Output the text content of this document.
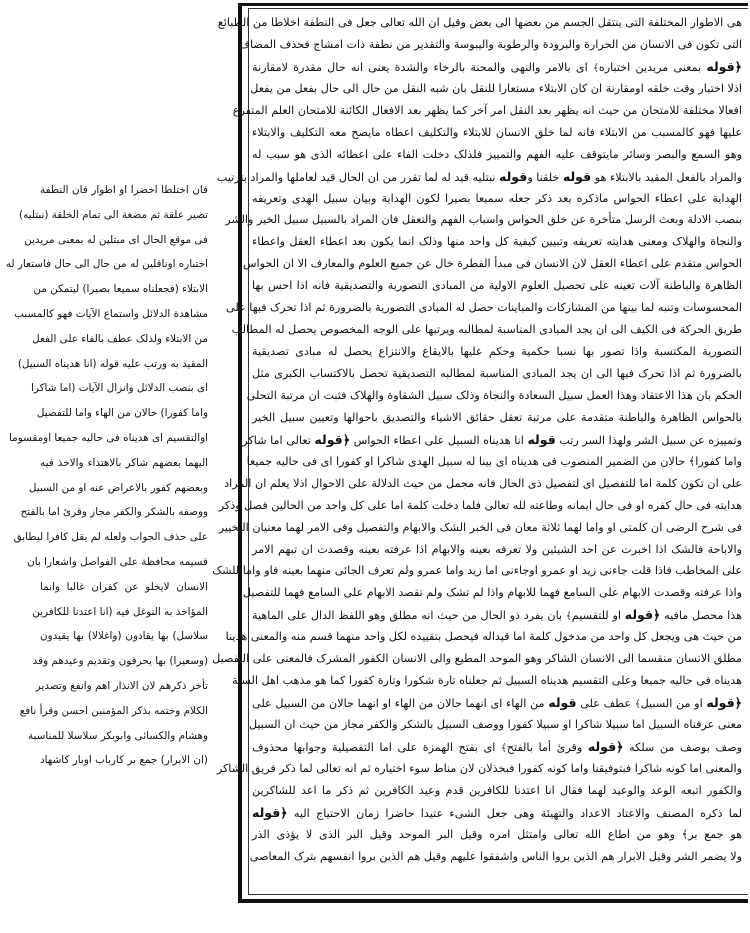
فان اختلطا اخضرا او اطوار فان النطفة
تصیر علقة ثم مضغة الی تمام الخلقة (نبتلیه)
فی موقع الحال ای مبتلین له بمعنی مریدین
اختباره اوناقلین له من حال الی حال فاستعار له
الابتلاء (فجعلناه سمیعا بصیرا) لیتمکن من
مشاهدة الدلائل واستماع الآیات فهو کالمسبب
من الابتلاء ولذلک عطف بالفاء علی الفعل
المقید به ورتب علیه قوله (انا هدیناه السبیل)
ای بنصب الدلائل وانزال الآیات (اما شاکرا
واما کفورا) حالان من الهاء واما للتفصیل
اوالتقسیم ای هدیناه فی حالیه جمیعا اومقسوما
الیهما بعضهم شاکر بالاهتداء والاخذ فیه
وبعضهم کفور بالاعراض عنه او من السبیل
ووصفه بالشکر والکفر مجاز وقرئ اما بالفتح
علی حذف الجواب ولعله لم یقل کافرا لیطابق
قسیمه محافظة علی الفواصل واشعارا بان
الانسان لایخلو عن کفران غالبا وانما
المؤاخذ به التوغل فیه (انا اعتدنا للکافرین
سلاسل) بها یقادون (واغلالا) بها یقیدون
(وسعیرا) بها یحرقون وتقدیم وعیدهم وقد
تأخر ذکرهم لان الانذار اهم وانفع وتصدیر
الکلام وختمه بذکر المؤمنین احسن وقرأ نافع
وهشام والکسائی وابوبکر سلاسلا للمناسبة
(ان الابرار) جمع بر کارباب اوبار کاشهاد
هی الاطوار المختلفة التی ینتقل الجسم من بعضها الی بعض وقیل ان الله تعالی جعل فی النطفة اخلاطا من الطبائع
التی تکون فی الانسان من الحرارة والبرودة والرطوبة والیبوسة والتقدیر من نطفة ذات امشاج فحذف المضاف
﴿قوله بمعنی مریدین اختباره﴾ ای بالامر والنهی والمحنة بالرخاء والشدة یعنی انه حال مقدرة لامقارنة
اذلا اختبار وقت خلقه اومقارنة ان کان الابتلاء مستعارا للنقل بان شبه النقل من حال الی حال بفعل من یفعل
افعالا مختلفة للامتحان من حیث انه یظهر بعد النقل امر آخر کما یظهر بعد الافعال الکائنة للامتحان العلم المتفرع
علیها فهو کالمسبب من الابتلاء فانه لما خلق الانسان للابتلاء والتکلیف اعطاه مایصح معه التکلیف والابتلاء
وهو السمع والبصر وسائر مایتوقف علیه الفهم والتمییز فلذلک دخلت الفاء علی اعطائه الذی هو سبب له
والمراد بالفعل المقید بالابتلاء هو قوله خلقنا وقوله نبتلیه قید له لما تقرر من ان الحال قید لعاملها والمراد بترتیب
الهدایة علی اعطاء الحواس ماذکره بعد ذکر جعله سمیعا بصیرا لکون الهدایة وبیان سبیل الهدی وتعریفه
بنصب الادلة وبعث الرسل متأخرة عن خلق الحواس واسباب الفهم والتعقل فان المراد بالسبیل سبیل الخیر والشر
والنجاة والهلاک ومعنی هدایته تعریفه وتبیین کیفیة کل واحد منها وذلک انما یکون بعد اعطاء العقل واعطاء
الحواس متقدم علی اعطاء العقل لان الانسان فی مبدأ الفطرة خال عن جمیع العلوم والمعارف الا ان الحواس
الظاهرة والباطنة آلات تعینه علی تحصیل العلوم الاولیة من المبادی التصوریة والتصدیقیة فانه اذا احس بها
المحسوسات وتنبه لما بینها من المشارکات والمباینات حصل له المبادی التصوریة بالضرورة ثم اذا تحرک فیها علی
طریق الحرکة فی الکیف الی ان یجد المبادی المناسبة لمطالبه ویرتبها علی الوجه المخصوص یحصل له المطالب
التصوریة المکتسبة واذا تصور بها نسبا حکمیة وحکم علیها بالایقاع والانتزاع یحصل له مبادی تصدیقیة
بالضرورة ثم اذا تحرک فیها الی ان یجد المبادی المناسبة لمطالبه التصدیقیة تحصل بالاکتساب الکبری مثل
الحکم بان هذا الاعتقاد وهذا العمل سبیل السعادة والنجاة وذلک سبیل الشقاوة والهلاک فثبت ان مرتبة التحلی
بالحواس الظاهرة والباطنة متقدمة علی مرتبة تعقل حقائق الاشیاء والتصدیق باحوالها وتعیین سبیل الخیر
وتمییزه عن سبیل الشر ولهذا السر رتب قوله انا هدیناه السبیل علی اعطاء الحواس ﴿قوله تعالی اما شاکرا
واما کفورا﴾ حالان من الضمیر المنصوب فی هدیناه ای بینا له سبیل الهدی شاکرا او کفورا ای فی حالیه جمیعا
علی ان تکون کلمة اما للتفصیل ای لتفصیل ذی الحال فانه مجمل من حیث الدلالة علی الاحوال اذلا یعلم ان المراد
هدایته فی حال کفره او فی حال ایمانه وطاعته لله تعالی فلما دخلت کلمة اما علی کل واحد من الحالین فصل وذکر
فی شرح الرضی ان کلمتی او واما لهما ثلاثة معان فی الخبر الشک والابهام والتفصیل وفی الامر لهما معنیان التخییر
والاباحة فالشک اذا اخبرت عن احد الشیئین ولا تعرفه بعینه والابهام اذا عرفته بعینه وقصدت ان تبهم الامر
علی المخاطب فاذا قلت جاءنی زید او عمرو اوجاءنی اما زید واما عمرو ولم تعرف الجائی منهما بعینه فاو واما للشک
واذا عرفته وقصدت الابهام علی السامع فهما للابهام واذا لم تشک ولم تقصد الابهام علی السامع فهما للتفصیل
هذا محصل مافیه ﴿قوله او للتقسیم﴾ بان یفرد ذو الحال من حیث انه مطلق وهو اللفظ الدال علی الماهیة
من حیث هی ویجعل کل واحد من مدخول کلمة اما قیداله فیحصل بتقییده لکل واحد منهما قسم منه والمعنی هدینا
مطلق الانسان منقسما الی الانسان الشاکر وهو الموحد المطیع والی الانسان الکفور المشرک فالمعنی علی التفصیل
هدیناه فی حالیه جمیعا وعلی التقسیم هدیناه السبیل ثم جعلناه تارة شکورا وتارة کفورا کما هو مذهب اهل السنة
﴿قوله او من السبیل﴾ عطف علی قوله من الهاء ای انهما حالان من الهاء او انهما حالان من السبیل علی
معنی عرفناه السبیل اما سبیلا شاکرا او سبیلا کفورا ووصف السبیل بالشکر والکفر مجاز من حیث ان السبیل
وصف بوصف من سلکه ﴿قوله وقرئ أما بالفتح﴾ ای بفتح الهمزة علی اما التفصیلیة وجوابها محذوف
والمعنی اما کونه شاکرا فبتوفیقنا واما کونه کفورا فبخذلان لان مناط سوء اختیاره ثم انه تعالی لما ذکر فریق الشاکر
والکفور اتبعه الوعد والوعید لهما فقال انا اعتدنا للکافرین قدم وعید الکافرین ثم ذکر ما اعد للشاکرین
لما ذکره المصنف والاعتاد الاعداد والتهیئة وهی جعل الشیء عتیدا حاضرا زمان الاحتیاج الیه ﴿قوله
هو جمع بر﴾ وهو من اطاع الله تعالی وامتثل امره وقیل البر الموحد وقیل البر الذی لا یؤذی الذر
ولا یضمر الشر وقیل الابرار هم الذین بروا الناس واشفقوا علیهم وقیل هم الذین بروا انفسهم بترک المعاصی
